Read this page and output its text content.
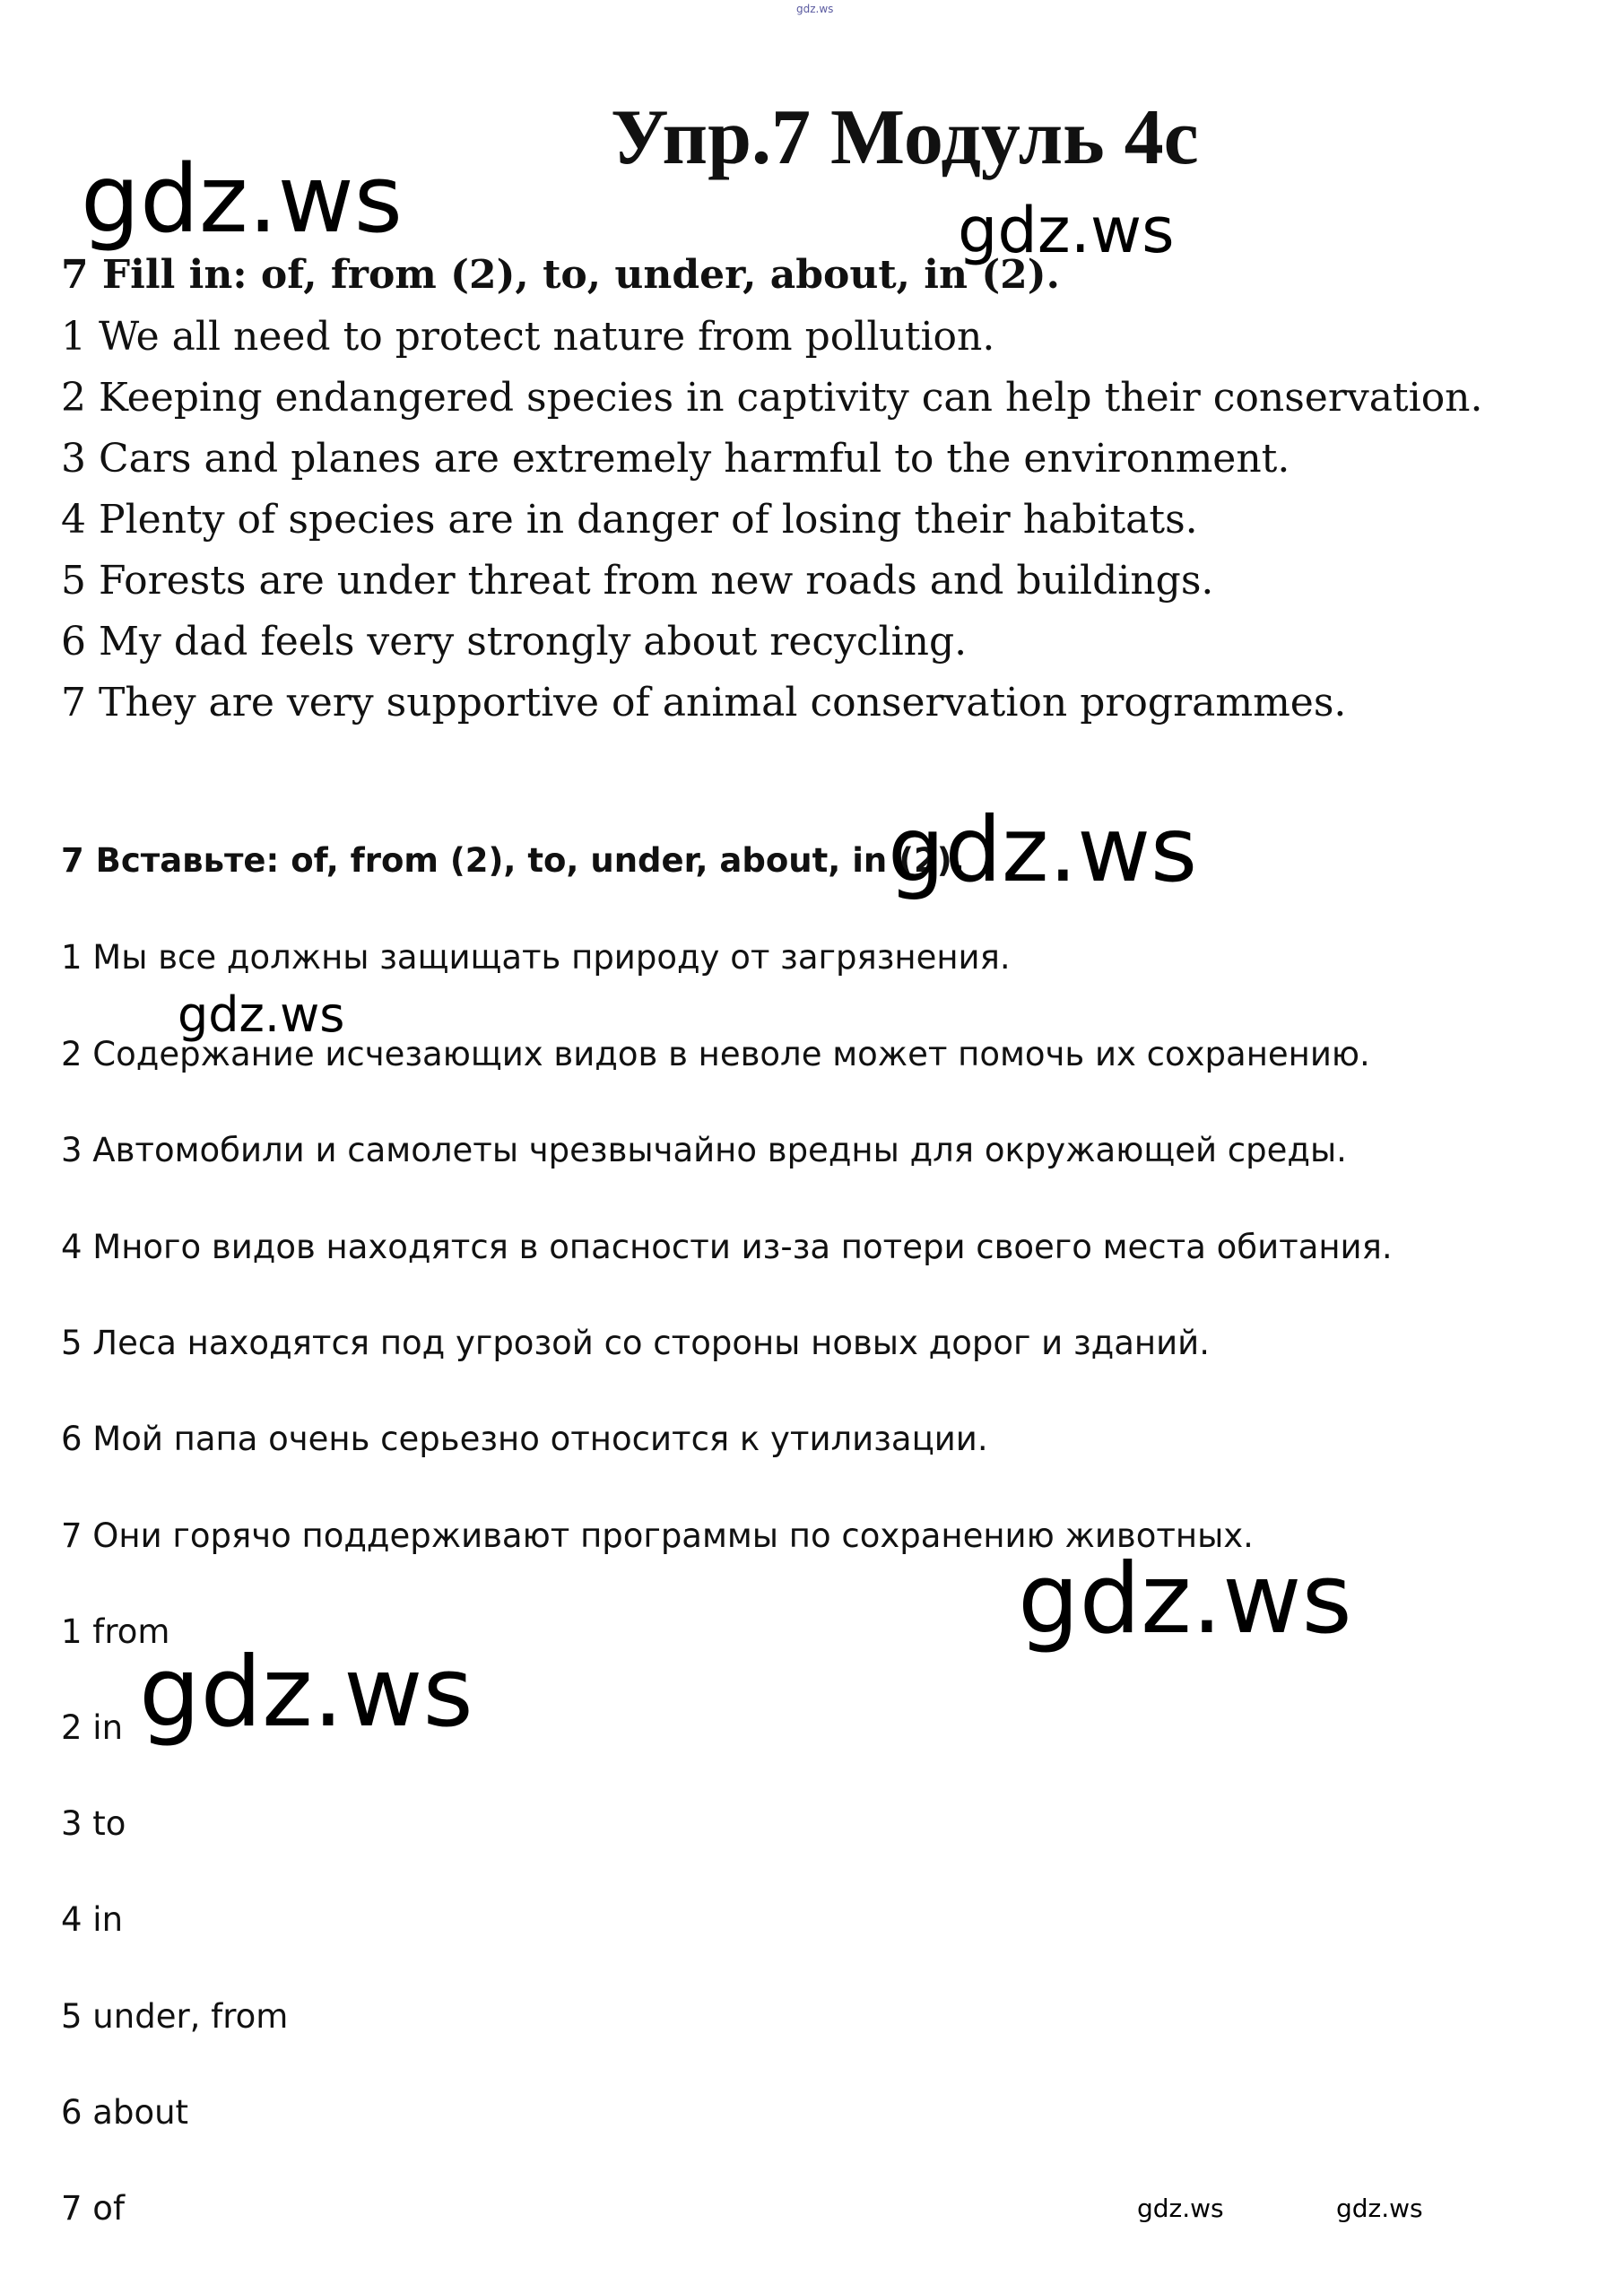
gdz.ws
Упр.7 Модуль 4c
gdz.ws	gdz.ws
7 Fill in: of, from (2), to, under, about, in (2).
1 We all need to protect nature from pollution.
2 Keeping endangered species in captivity can help their conservation.
3 Cars and planes are extremely harmful to the environment.
4 Plenty of species are in danger of losing their habitats.
5 Forests are under threat from new roads and buildings.
6 My dad feels very strongly about recycling.
7 They are very supportive of animal conservation programmes.
7 Вставьте: of, from (2), to, under, about, in (2).
gdz.ws
1 Мы все должны защищать природу от загрязнения.
gdz.ws
2 Содержание исчезающих видов в неволе может помочь их сохранению.
3 Автомобили и самолеты чрезвычайно вредны для окружающей среды.
4 Много видов находятся в опасности из-за потери своего места обитания.
5 Леса находятся под угрозой со стороны новых дорог и зданий.
6 Мой папа очень серьезно относится к утилизации.
7 Они горячо поддерживают программы по сохранению животных.
gdz.ws
1 from
2 in gdz.ws
3 to
4 in
5 under, from
6 about
7 of	gdz.ws	gdz.ws
